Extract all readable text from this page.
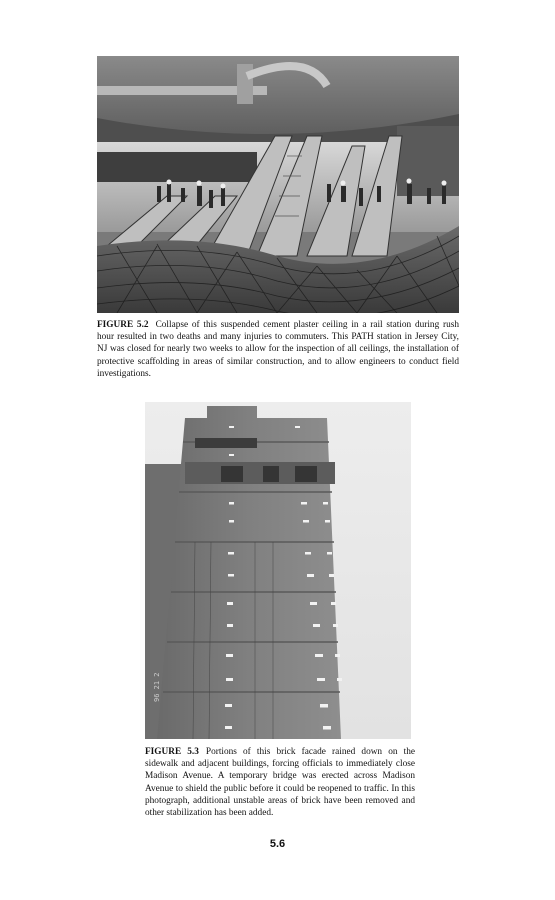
FIGURE 5.2 Collapse of this suspended cement plaster ceiling in a rail station during rush hour resulted in two deaths and many injuries to commuters. This PATH station in Jersey City, NJ was closed for nearly two weeks to allow for the inspection of all ceilings, the installation of protective scaffolding in areas of similar construction, and to allow engineers to conduct field investigations.

96 21 2

FIGURE 5.3 Portions of this brick facade rained down on the sidewalk and adjacent buildings, forcing officials to immediately close Madison Avenue. A temporary bridge was erected across Madison Avenue to shield the public before it could be reopened to traffic. In this photograph, additional unstable areas of brick have been removed and other stabilization has been added.

5.6
